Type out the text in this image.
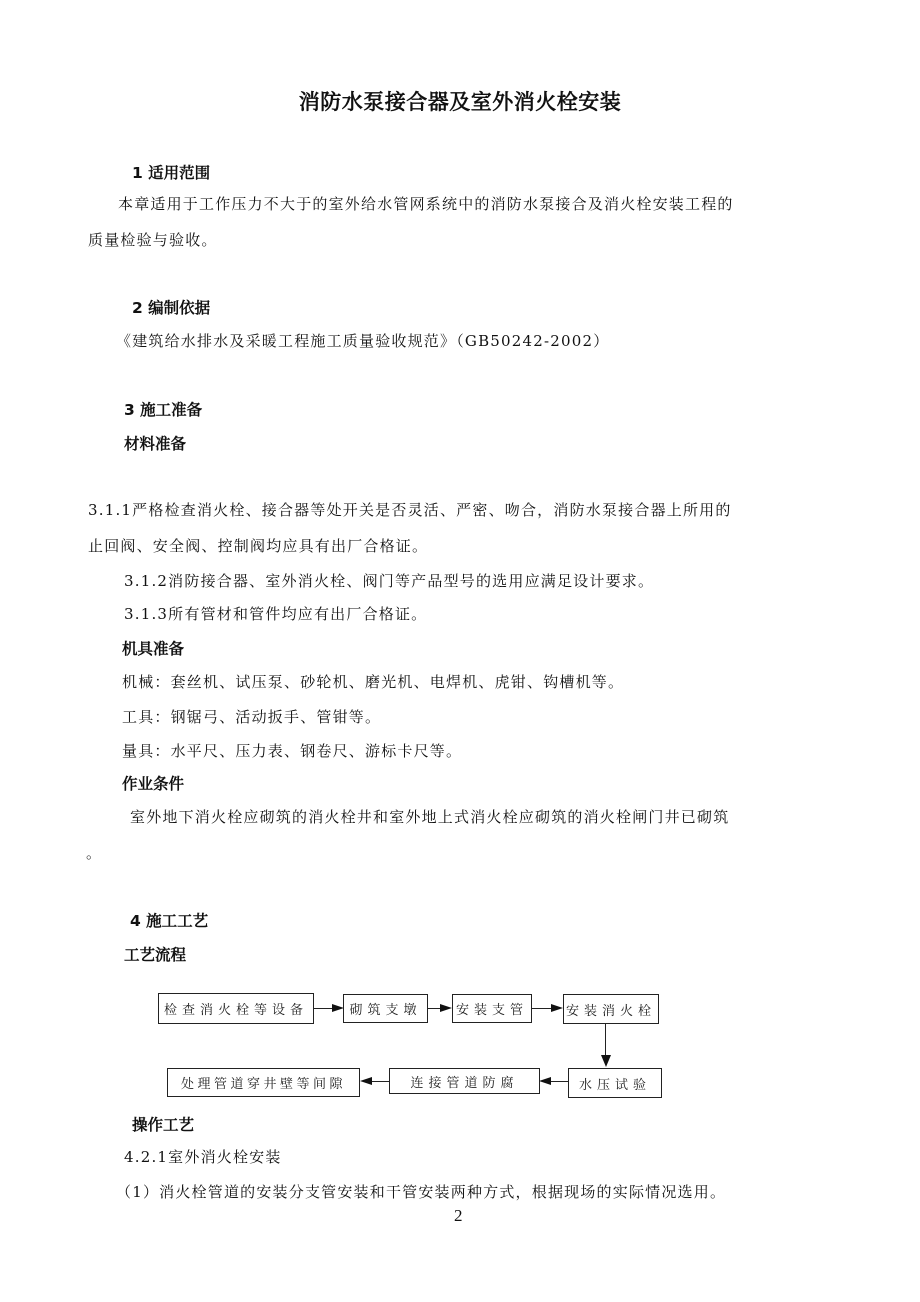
消防水泵接合器及室外消火栓安装
1 适用范围
本章适用于工作压力不大于的室外给水管网系统中的消防水泵接合及消火栓安装工程的
质量检验与验收。
2 编制依据
《建筑给水排水及采暖工程施工质量验收规范》（GB50242-2002）
3 施工准备
材料准备
3.1.1严格检查消火栓、接合器等处开关是否灵活、严密、吻合，消防水泵接合器上所用的
止回阀、安全阀、控制阀均应具有出厂合格证。
3.1.2消防接合器、室外消火栓、阀门等产品型号的选用应满足设计要求。
3.1.3所有管材和管件均应有出厂合格证。
机具准备
机械：套丝机、试压泵、砂轮机、磨光机、电焊机、虎钳、钩槽机等。
工具：钢锯弓、活动扳手、管钳等。
量具：水平尺、压力表、钢卷尺、游标卡尺等。
作业条件
室外地下消火栓应砌筑的消火栓井和室外地上式消火栓应砌筑的消火栓闸门井已砌筑
。
4 施工工艺
工艺流程
检查消火栓等设备	砌筑支墩	安装支管	安装消火栓
水压试验
连接管道防腐
处理管道穿井壁等间隙
操作工艺
4.2.1室外消火栓安装
（1）消火栓管道的安装分支管安装和干管安装两种方式，根据现场的实际情况选用。
2
